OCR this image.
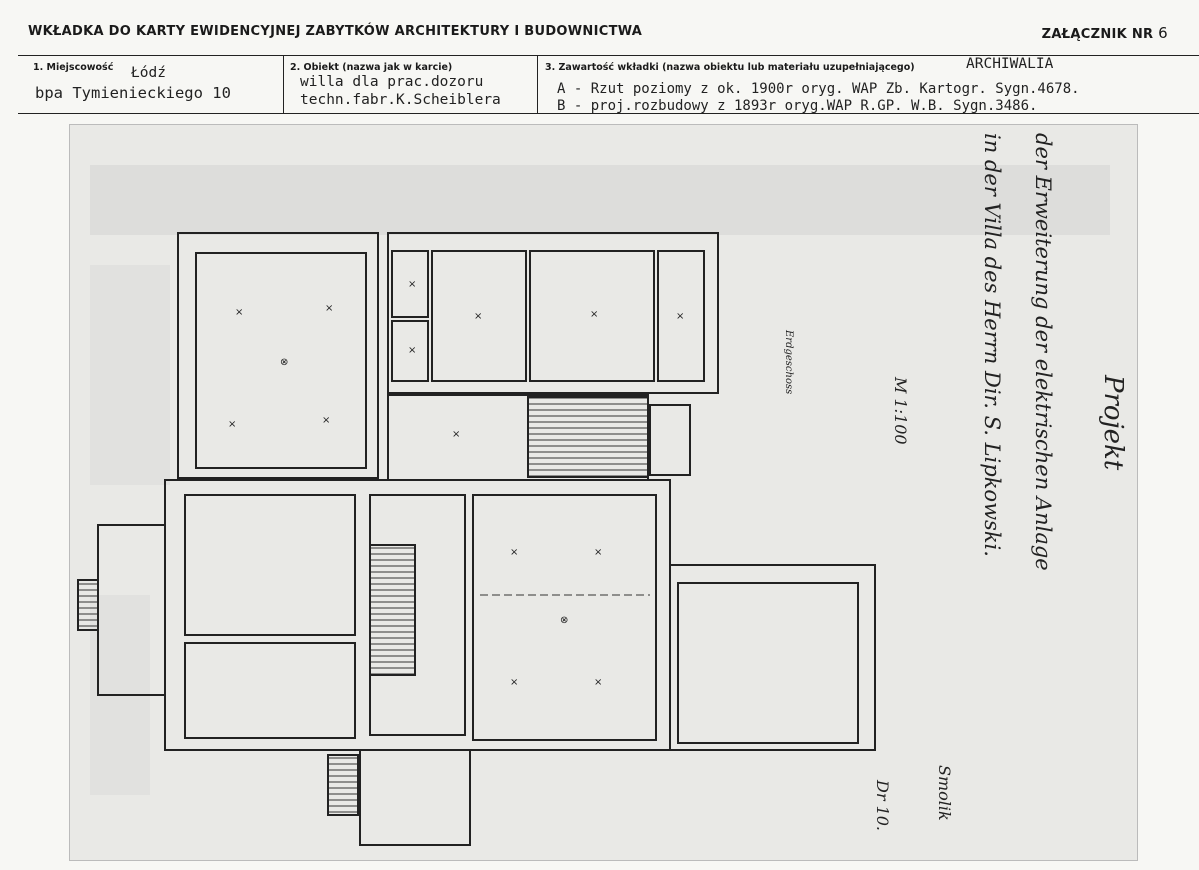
WKŁADKA DO KARTY EWIDENCYJNEJ ZABYTKÓW ARCHITEKTURY I BUDOWNICTWA	ZAŁĄCZNIK NR 6
1. Miejscowość Łódź
bpa Tymienieckiego 10
2. Obiekt (nazwa jak w karcie)
willa dla prac.dozoru
techn.fabr.K.Scheiblera
3. Zawartość wkładki (nazwa obiektu lub materiału uzupełniającego)	ARCHIWALIA
A - Rzut poziomy z ok. 1900r oryg. WAP Zb. Kartogr. Sygn.4678.
B - proj.rozbudowy z 1893r oryg.WAP R.GP. W.B. Sygn.3486.
×	×
×	×
×
×
×	×	×
×
×	×
×	×
⊗
⊗
Projekt
der Erweiterung der elektrischen Anlage
in der Villa des Herrn Dir. S. Lipkowski.
M 1:100
Erdgeschoss
Smolik
Dr 10.
